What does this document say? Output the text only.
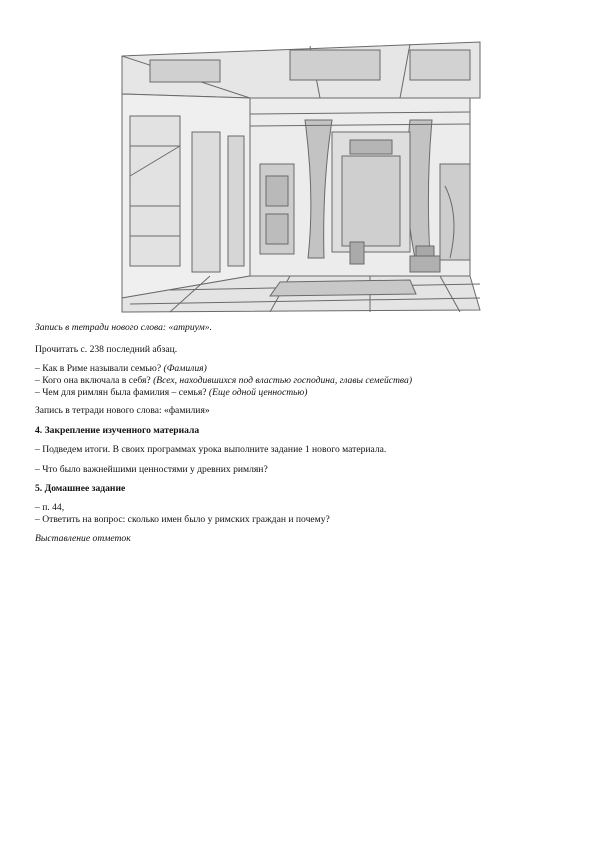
Запись в тетради нового слова: «атриум».
Прочитать с. 238 последний абзац.
– Как в Риме называли семью? (Фамилия)
– Кого она включала в себя? (Всех, находившихся под властью господина, главы семейства)
– Чем для римлян была фамилия – семья? (Еще одной ценностью)
Запись в тетради нового слова: «фамилия»
4. Закрепление изученного материала
– Подведем итоги. В своих программах урока выполните задание 1 нового материала.
– Что было важнейшими ценностями у древних римлян?
5. Домашнее задание
– п. 44,
– Ответить на вопрос: сколько имен было у римских граждан и почему?
Выставление отметок
